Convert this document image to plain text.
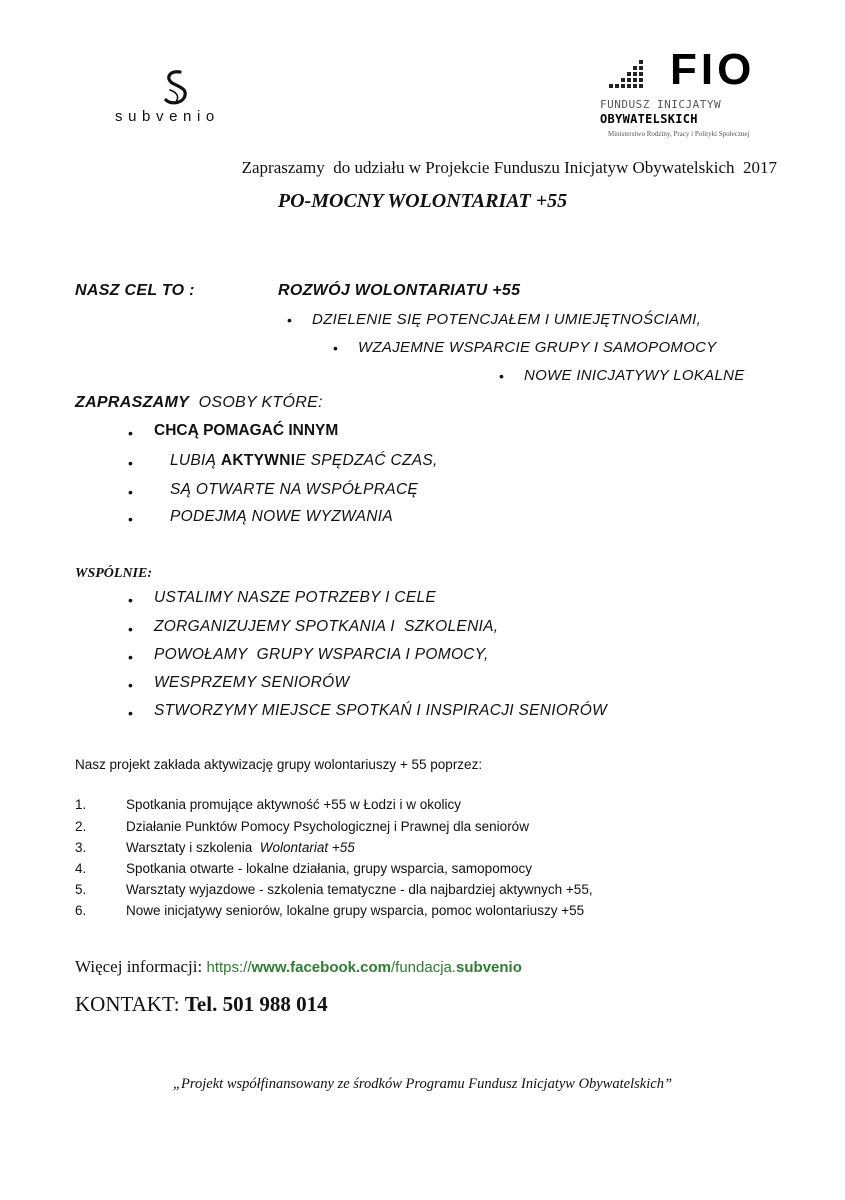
subvenio
FIO
FUNDUSZ INICJATYW
OBYWATELSKICH
Ministerstwo Rodziny, Pracy i Polityki Społecznej
Zapraszamy  do udziału w Projekcie Funduszu Inicjatyw Obywatelskich  2017
PO-MOCNY WOLONTARIAT +55
NASZ CEL TO :	ROZWÓJ WOLONTARIATU +55
• DZIELENIE SIĘ POTENCJAŁEM I UMIEJĘTNOŚCIAMI,
• WZAJEMNE WSPARCIE GRUPY I SAMOPOMOCY
• NOWE INICJATYWY LOKALNE
ZAPRASZAMY  OSOBY KTÓRE:
• CHCĄ POMAGAĆ INNYM
• LUBIĄ AKTYWNIE SPĘDZAĆ CZAS,
• SĄ OTWARTE NA WSPÓŁPRACĘ
• PODEJMĄ NOWE WYZWANIA
WSPÓLNIE:
• USTALIMY NASZE POTRZEBY I CELE
• ZORGANIZUJEMY SPOTKANIA I  SZKOLENIA,
• POWOŁAMY  GRUPY WSPARCIA I POMOCY,
• WESPRZEMY SENIORÓW
• STWORZYMY MIEJSCE SPOTKAŃ I INSPIRACJI SENIORÓW
Nasz projekt zakłada aktywizację grupy wolontariuszy + 55 poprzez:
1.	Spotkania promujące aktywność +55 w Łodzi i w okolicy
2.	Działanie Punktów Pomocy Psychologicznej i Prawnej dla seniorów
3.	Warsztaty i szkolenia  Wolontariat +55
4.	Spotkania otwarte - lokalne działania, grupy wsparcia, samopomocy
5.	Warsztaty wyjazdowe - szkolenia tematyczne - dla najbardziej aktywnych +55,
6.	Nowe inicjatywy seniorów, lokalne grupy wsparcia, pomoc wolontariuszy +55
Więcej informacji: https://www.facebook.com/fundacja.subvenio
KONTAKT: Tel. 501 988 014
„Projekt współfinansowany ze środków Programu Fundusz Inicjatyw Obywatelskich”
